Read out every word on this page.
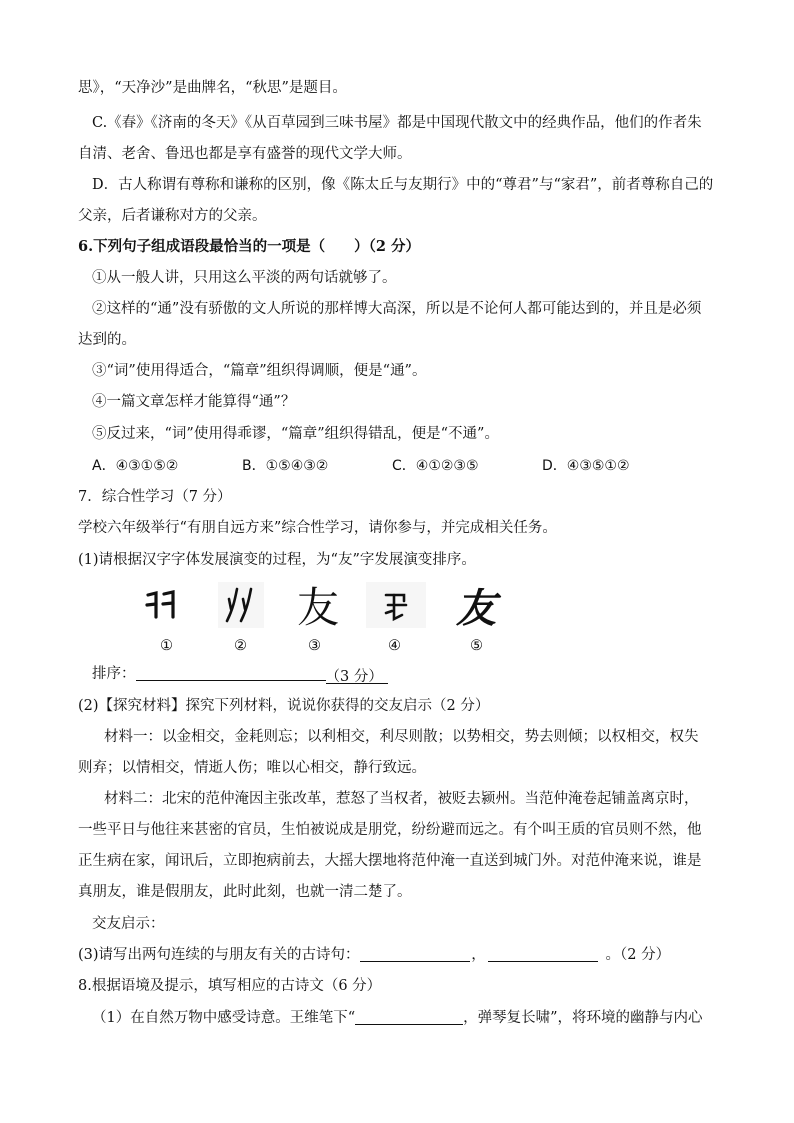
思》，“天净沙”是曲牌名，“秋思”是题目。
C.《春》《济南的冬天》《从百草园到三味书屋》都是中国现代散文中的经典作品，他们的作者朱
自清、老舍、鲁迅也都是享有盛誉的现代文学大师。
D．古人称谓有尊称和谦称的区别，像《陈太丘与友期行》中的“尊君”与“家君”，前者尊称自己的
父亲，后者谦称对方的父亲。
6.下列句子组成语段最恰当的一项是（　　）（2 分）
①从一般人讲，只用这么平淡的两句话就够了。
②这样的“通”没有骄傲的文人所说的那样博大高深，所以是不论何人都可能达到的，并且是必须
达到的。
③“词”使用得适合，“篇章”组织得调顺，便是“通”。
④一篇文章怎样才能算得“通”？
⑤反过来，“词”使用得乖谬，“篇章”组织得错乱，便是“不通”。
A．④③①⑤②	B．①⑤④③②	C．④①②③⑤	D．④③⑤①②
7．综合性学习（7 分）
学校六年级举行“有朋自远方来”综合性学习，请你参与，并完成相关任务。
(1)请根据汉字字体发展演变的过程，为“友”字发展演变排序。
友	友
①	②	③	④	⑤
排序：	（3 分）
(2)【探究材料】探究下列材料，说说你获得的交友启示（2 分）
材料一：以金相交，金耗则忘；以利相交，利尽则散；以势相交，势去则倾；以权相交，权失
则弃；以情相交，情逝人伤；唯以心相交，静行致远。
材料二：北宋的范仲淹因主张改革，惹怒了当权者，被贬去颍州。当范仲淹卷起铺盖离京时，
一些平日与他往来甚密的官员，生怕被说成是朋党，纷纷避而远之。有个叫王质的官员则不然，他
正生病在家，闻讯后，立即抱病前去，大摇大摆地将范仲淹一直送到城门外。对范仲淹来说，谁是
真朋友，谁是假朋友，此时此刻，也就一清二楚了。
交友启示：
(3)请写出两句连续的与朋友有关的古诗句：	，	。（2 分）
8.根据语境及提示，填写相应的古诗文（6 分）
（1）在自然万物中感受诗意。王维笔下“	，弹琴复长啸”，将环境的幽静与内心
